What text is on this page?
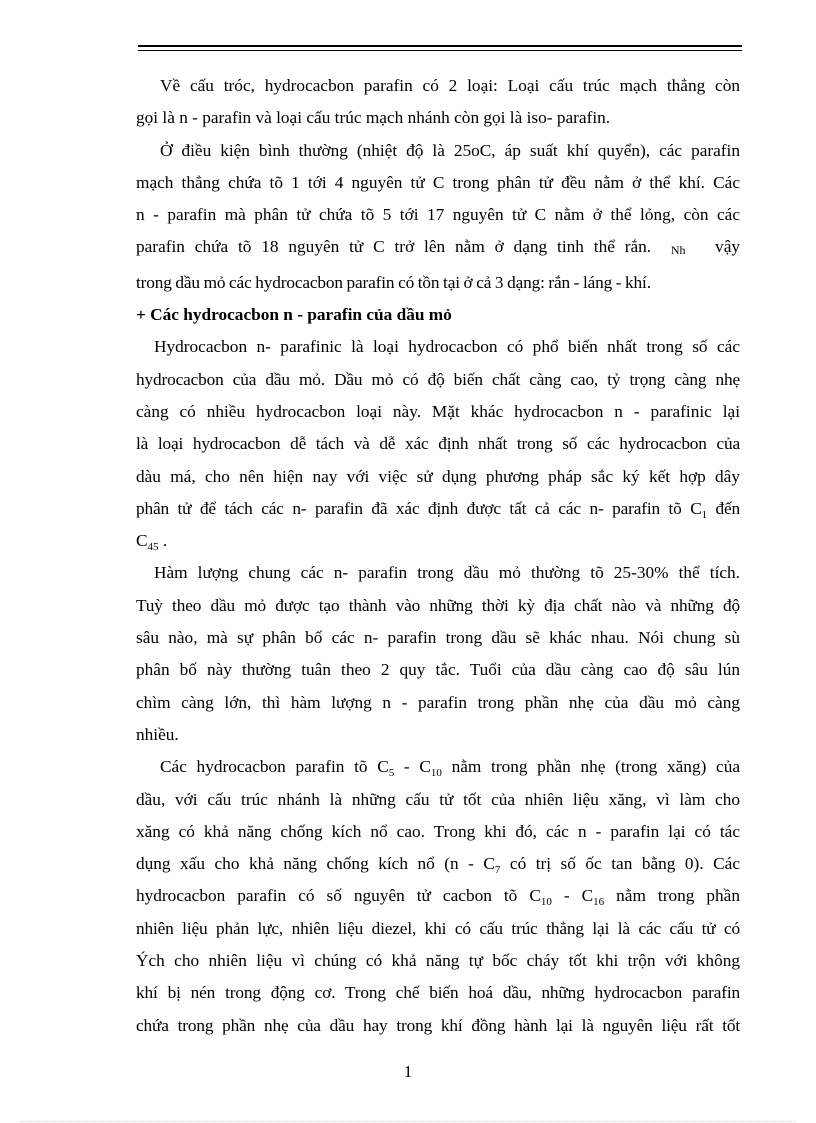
Về cấu tróc, hydrocacbon parafin có 2 loại: Loại cấu trúc mạch thẳng còn

gọi là n - parafin và loại cấu trúc mạch nhánh còn gọi là iso- parafin.

Ở điều kiện bình thường (nhiệt độ là 25oC, áp suất khí quyển), các parafin

mạch thẳng chứa tõ 1 tới 4 nguyên tử C trong phân tử đều nằm ở thể khí. Các

n - parafin mà phân tử chứa tõ 5 tới 17 nguyên tử C nằm ở thể lỏng, còn các

parafin chứa tõ 18 nguyên tử C trở lên nằm ở dạng tinh thể rắn. Nh vậy

trong dầu mỏ các hydrocacbon parafin có tồn tại ở cả 3 dạng: rắn - láng - khí.

+ Các hydrocacbon n - parafin của dầu mỏ

Hydrocacbon n- parafinic là loại hydrocacbon có phổ biến nhất trong số các

hydrocacbon của dầu mỏ. Dầu mỏ có độ biến chất càng cao, tỷ trọng càng nhẹ

càng có nhiều hydrocacbon loại này. Mặt khác hydrocacbon n - parafinic lại

là loại hydrocacbon dễ tách và dễ xác định nhất trong số các hydrocacbon của

dàu má, cho nên hiện nay với việc sử dụng phương pháp sắc ký kết hợp dây

phân tử để tách các n- parafin đã xác định được tất cả các n- parafin tõ $C_1$ đến

$C_{45}$ .

Hàm lượng chung các n- parafin trong dầu mỏ thường tõ 25-30% thể tích.

Tuỳ theo dầu mỏ được tạo thành vào những thời kỳ địa chất nào và những độ

sâu nào, mà sự phân bố các n- parafin trong dầu sẽ khác nhau. Nói chung sù

phân bố này thường tuân theo 2 quy tắc. Tuổi của dầu càng cao độ sâu lún

chìm càng lớn, thì hàm lượng n - parafin trong phần nhẹ của dầu mỏ càng

nhiều.

Các hydrocacbon parafin tõ $C_5 - C_{10}$ nằm trong phần nhẹ (trong xăng) của

dầu, với cấu trúc nhánh là những cấu tử tốt của nhiên liệu xăng, vì làm cho

xăng có khả năng chống kích nổ cao. Trong khi đó, các n - parafin lại có tác

dụng xấu cho khả năng chống kích nổ ($n - C_7$ có trị số ốc tan bằng 0). Các

hydrocacbon parafin có số nguyên tử cacbon tõ $C_{10} - C_{16}$ nằm trong phần

nhiên liệu phản lực, nhiên liệu diezel, khi có cấu trúc thẳng lại là các cấu tử có

Ých cho nhiên liệu vì chúng có khả năng tự bốc cháy tốt khi trộn với không

khí bị nén trong động cơ. Trong chế biến hoá dầu, những hydrocacbon parafin

chứa trong phần nhẹ của dầu hay trong khí đồng hành lại là nguyên liệu rất tốt

1
